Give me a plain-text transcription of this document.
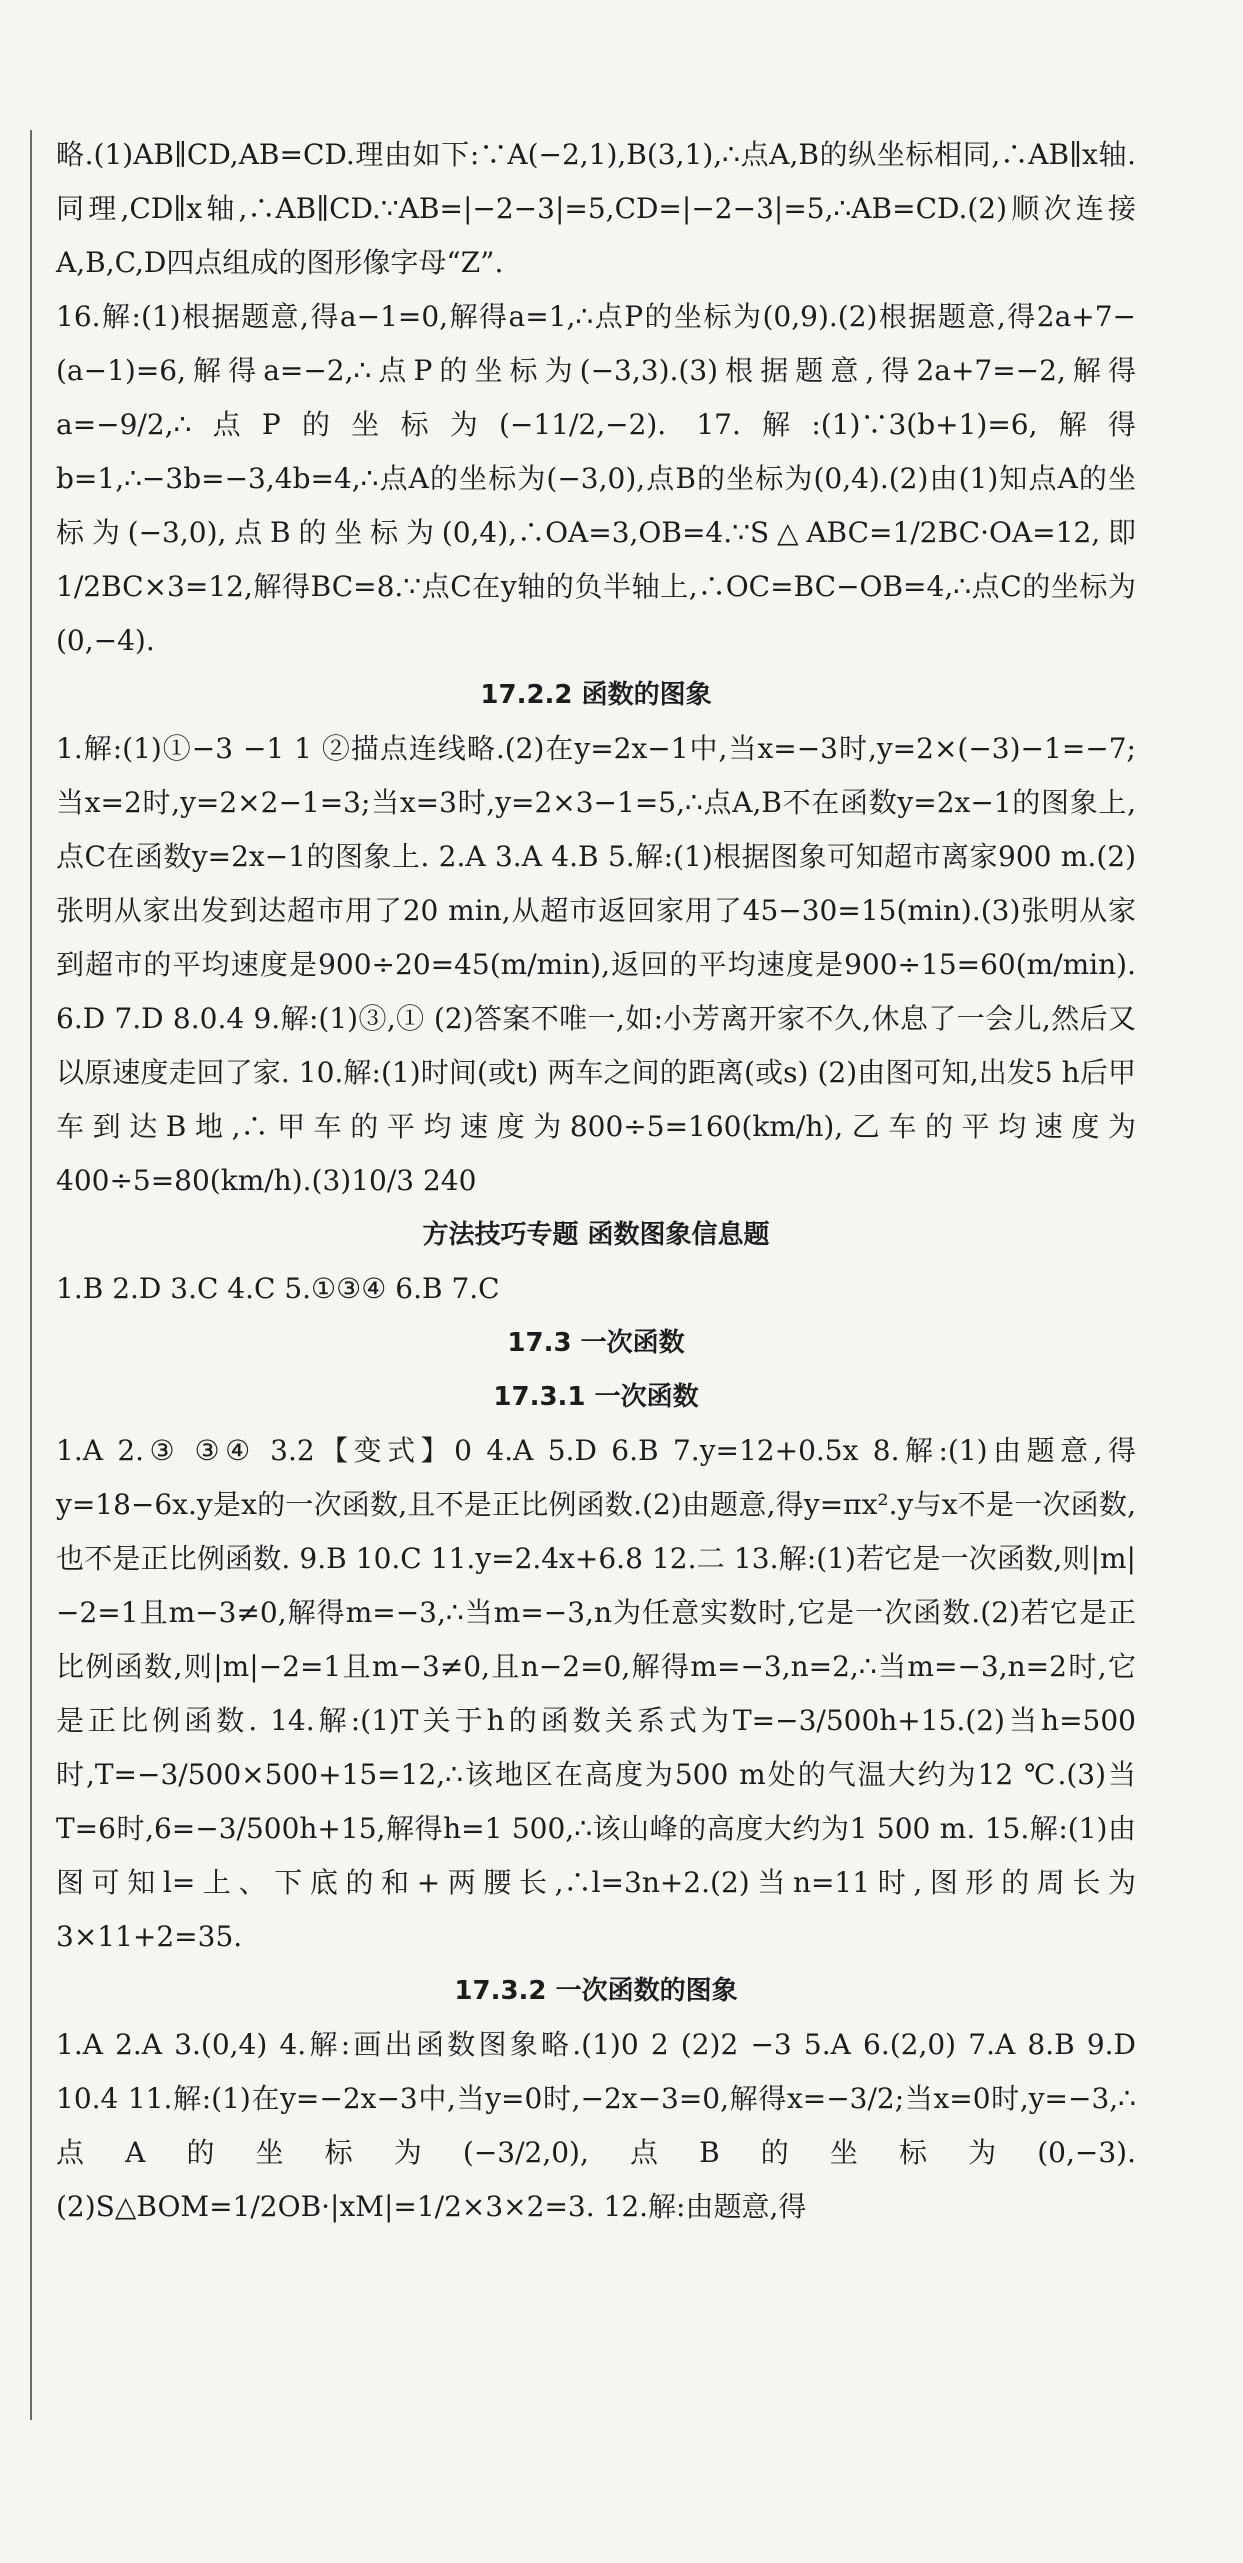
略.(1)AB∥CD,AB=CD.理由如下:∵A(−2,1),B(3,1),∴点A,B的纵坐标相同,∴AB∥x轴.同理,CD∥x轴,∴AB∥CD.∵AB=|−2−3|=5,CD=|−2−3|=5,∴AB=CD.(2)顺次连接A,B,C,D四点组成的图形像字母“Z”.

16.解:(1)根据题意,得a−1=0,解得a=1,∴点P的坐标为(0,9).(2)根据题意,得2a+7−(a−1)=6,解得a=−2,∴点P的坐标为(−3,3).(3)根据题意,得2a+7=−2,解得a=−9/2,∴点P的坐标为(−11/2,−2). 17.解:(1)∵3(b+1)=6,解得b=1,∴−3b=−3,4b=4,∴点A的坐标为(−3,0),点B的坐标为(0,4).(2)由(1)知点A的坐标为(−3,0),点B的坐标为(0,4),∴OA=3,OB=4.∵S△ABC=1/2BC·OA=12,即1/2BC×3=12,解得BC=8.∵点C在y轴的负半轴上,∴OC=BC−OB=4,∴点C的坐标为(0,−4).

17.2.2 函数的图象

1.解:(1)①−3 −1 1 ②描点连线略.(2)在y=2x−1中,当x=−3时,y=2×(−3)−1=−7;当x=2时,y=2×2−1=3;当x=3时,y=2×3−1=5,∴点A,B不在函数y=2x−1的图象上,点C在函数y=2x−1的图象上. 2.A 3.A 4.B 5.解:(1)根据图象可知超市离家900 m.(2)张明从家出发到达超市用了20 min,从超市返回家用了45−30=15(min).(3)张明从家到超市的平均速度是900÷20=45(m/min),返回的平均速度是900÷15=60(m/min). 6.D 7.D 8.0.4 9.解:(1)③,① (2)答案不唯一,如:小芳离开家不久,休息了一会儿,然后又以原速度走回了家. 10.解:(1)时间(或t) 两车之间的距离(或s) (2)由图可知,出发5 h后甲车到达B地,∴甲车的平均速度为800÷5=160(km/h),乙车的平均速度为400÷5=80(km/h).(3)10/3 240

方法技巧专题 函数图象信息题

1.B 2.D 3.C 4.C 5.①③④ 6.B 7.C

17.3 一次函数

17.3.1 一次函数

1.A 2.③ ③④ 3.2【变式】0 4.A 5.D 6.B 7.y=12+0.5x 8.解:(1)由题意,得y=18−6x.y是x的一次函数,且不是正比例函数.(2)由题意,得y=πx².y与x不是一次函数,也不是正比例函数. 9.B 10.C 11.y=2.4x+6.8 12.二 13.解:(1)若它是一次函数,则|m|−2=1且m−3≠0,解得m=−3,∴当m=−3,n为任意实数时,它是一次函数.(2)若它是正比例函数,则|m|−2=1且m−3≠0,且n−2=0,解得m=−3,n=2,∴当m=−3,n=2时,它是正比例函数. 14.解:(1)T关于h的函数关系式为T=−3/500h+15.(2)当h=500时,T=−3/500×500+15=12,∴该地区在高度为500 m处的气温大约为12 ℃.(3)当T=6时,6=−3/500h+15,解得h=1 500,∴该山峰的高度大约为1 500 m. 15.解:(1)由图可知l=上、下底的和+两腰长,∴l=3n+2.(2)当n=11时,图形的周长为3×11+2=35.

17.3.2 一次函数的图象

1.A 2.A 3.(0,4) 4.解:画出函数图象略.(1)0 2 (2)2 −3 5.A 6.(2,0) 7.A 8.B 9.D 10.4 11.解:(1)在y=−2x−3中,当y=0时,−2x−3=0,解得x=−3/2;当x=0时,y=−3,∴点A的坐标为(−3/2,0),点B的坐标为(0,−3).(2)S△BOM=1/2OB·|xM|=1/2×3×2=3. 12.解:由题意,得
